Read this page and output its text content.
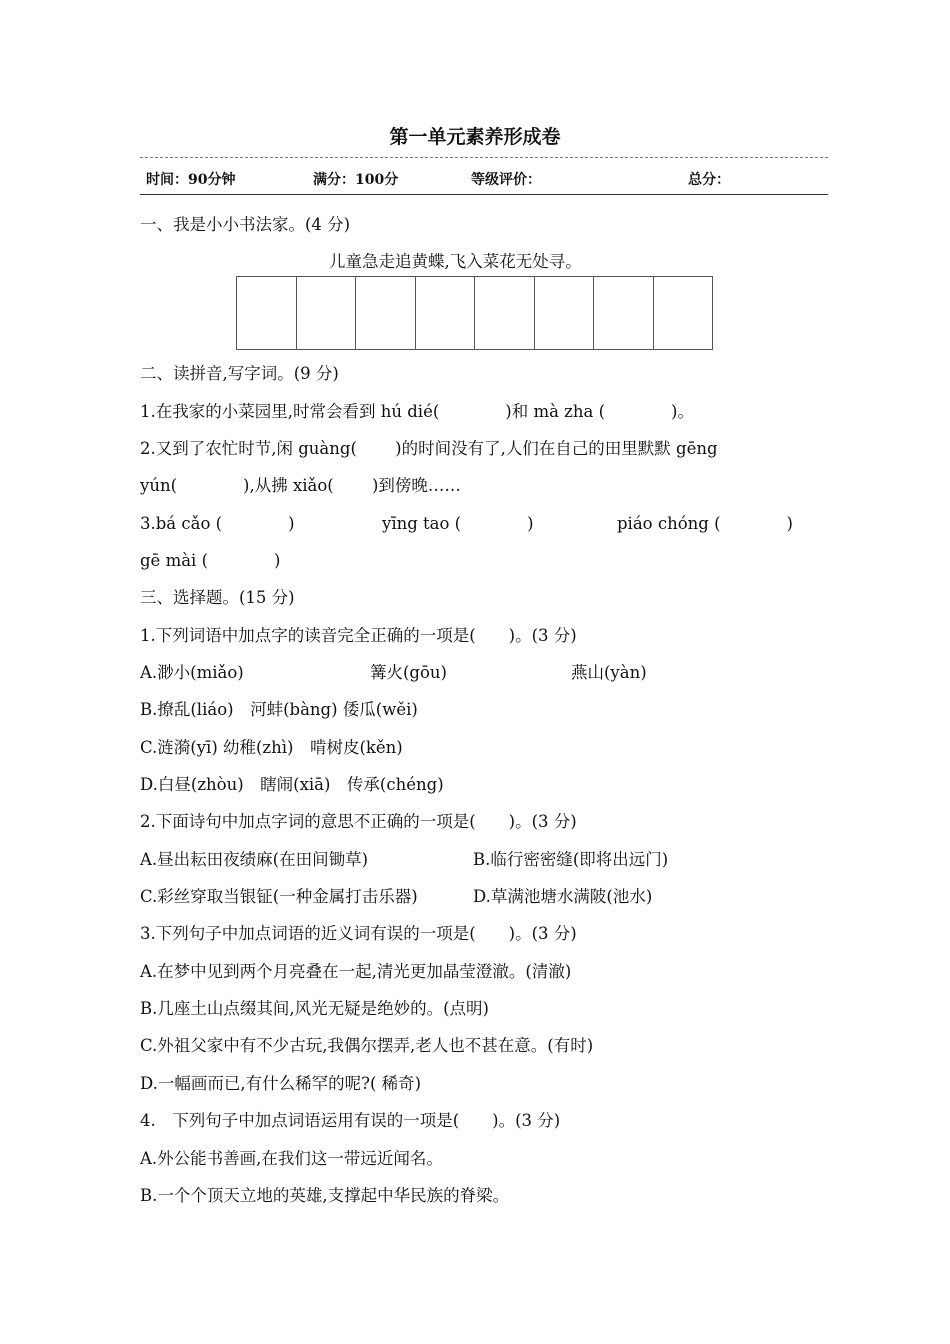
第一单元素养形成卷
时间：90分钟	满分：100分	等级评价：	总分：
一、我是小小书法家。(4 分)
儿童急走追黄蝶,飞入菜花无处寻。
二、读拼音,写字词。(9 分)
1.在我家的小菜园里,时常会看到 hú dié(　　　　)和 mà zha (　　　　)。
2.又到了农忙时节,闲 guàng(　　 )的时间没有了,人们在自己的田里默默 gēng
yún(　　　　),从拂 xiǎo(　　 )到傍晚……
3.bá cǎo (　　　　)	yīng tao (　　　　)	piáo chóng (　　　　)
gē mài (　　　　)
三、选择题。(15 分)
1.下列词语中加点字的读音完全正确的一项是(　　)。(3 分)
A.渺小(miǎo)	篝火(gōu)	燕山(yàn)
B.撩乱(liáo)　河蚌(bàng) 倭瓜(wěi)
C.涟漪(yī) 幼稚(zhì)　啃树皮(kěn)
D.白昼(zhòu)　瞎闹(xiā)　传承(chéng)
2.下面诗句中加点字词的意思不正确的一项是(　　)。(3 分)
A.昼出耘田夜绩麻(在田间锄草)	B.临行密密缝(即将出远门)
C.彩丝穿取当银钲(一种金属打击乐器)	D.草满池塘水满陂(池水)
3.下列句子中加点词语的近义词有误的一项是(　　)。(3 分)
A.在梦中见到两个月亮叠在一起,清光更加晶莹澄澈。(清澈)
B.几座土山点缀其间,风光无疑是绝妙的。(点明)
C.外祖父家中有不少古玩,我偶尔摆弄,老人也不甚在意。(有时)
D.一幅画而已,有什么稀罕的呢?( 稀奇)
4.　下列句子中加点词语运用有误的一项是(　　)。(3 分)
A.外公能书善画,在我们这一带远近闻名。
B.一个个顶天立地的英雄,支撑起中华民族的脊梁。
